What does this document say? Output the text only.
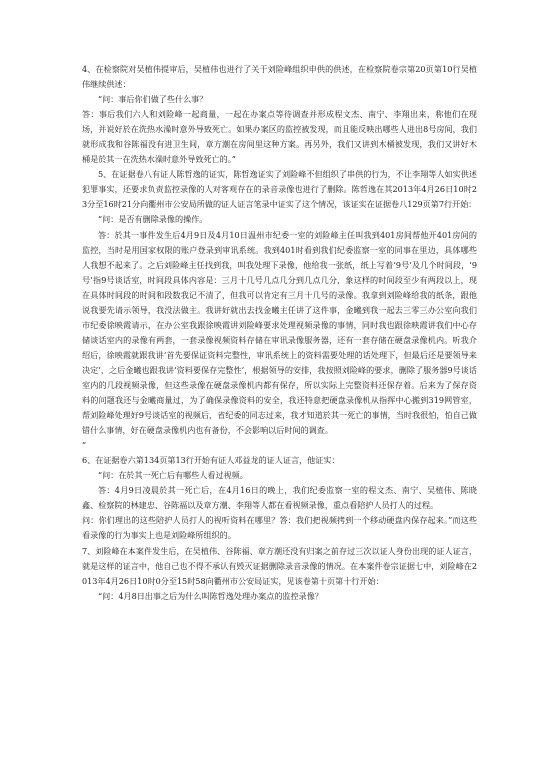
4、在检察院对吴植伟提审后，吴植伟也进行了关于刘险峰组织申供的供述，在检察院卷宗第20页第10行吴植伟继续供述：

“问：事后你们做了些什么事？

答：事后我们六人和刘险峰一起商量，一起在办案点等待调查并形成程文杰、南宁、李翔出来，称他们在现场，并说好於在洗热水澡时意外导致死亡。如果办案区的监控被发现，而且能反映出哪些人进出8号房间，我们就形成我和谷陈福没有进卫生间，章方潮在房间里这种方案。再另外，我们又讲到木桶被发现，我们又讲好木桶是於其一在洗热水澡时意外导致死亡的。”

5、在证据卷八有证人陈哲逸的证实，陈哲逸证实了刘险峰不但组织了串供的行为，不让李翔等人如实供述犯罪事实，还要求负责监控录像的人对客观存在的录音录像也进行了删除。陈哲逸在其2013年4月26日10时23分至16时21分向衢州市公安局所做的证人证言笔录中证实了这个情况，该证实在证据卷八129页第7行开始：

“问：是否有删除录像的操作。

答：於其一事件发生后4月9日及4月10日温州市纪委一室的刘险峰主任叫我到401房间帮他开401房间的监控，当时是用国家权限的账户登录到审讯系统。我到401时看到我们纪委监察一室的同事在里边，具体哪些人我想不起来了。之后刘险峰主任找到我，叫我处理下录像，他给我一张纸，纸上写着‘9号’及几个时间段，‘9号’指9号谈话室，时间段具体内容是：三月十几号几点几分到几点几分，象这样的时间段至少有两段以上，现在具体时间段的时间和段数我记不清了，但我可以肯定有三月十几号的录像。我拿到刘险峰给我的纸条，跟他说我要先请示领导，我没法做主。我讲好就出去找金曦主任讲了这件事，金曦到我一起去三零三办公室向我们市纪委徐映霞请示，在办公室我跟徐映霞讲刘险峰要求处理视频录像的事情，同时我也跟徐映霞讲我们中心存储谈话室内的录像有两套，一套录像视频资料存储在审讯录像服务器，还有一套存储在硬盘录像机内。听我介绍后，徐映霞就跟我讲‘首先要保证资料完整性，审讯系统上的资料需要处理的话处理下，但最后还是要领导来决定’，之后金曦也跟我讲‘资料要保存完整性’，根据领导的安排，我按照刘险峰的要求，删除了服务器9号谈话室内的几段视频录像，但这些录像在硬盘录像机内都有保存，所以实际上完整资料还保存着。后来为了保存资料的问题我还与金曦商量过，为了确保录像资料的安全，我还特意把硬盘录像机从指挥中心搬到319网管室，帮刘险峰处理好9号谈话室的视频后，省纪委的同志过来，我才知道於其一死亡的事情，当时我很怕，怕自己做错什么事情，好在硬盘录像机内也有备份，不会影响以后时间的调查。

”

6、在证据卷六第134页第13行开始有证人邓益龙的证人证言，他证实：

“问：在於其一死亡后有哪些人看过视频。

答：4月9日凌晨於其一死亡后，在4月16日的晚上，我们纪委监察一室的程文杰、南宁、吴植伟、陈晓鑫、检察院的林建忠、谷陈福以及章方潮、李翔等人都在看视频录像，重点看陪护人员打人的过程。

问：你们理出的这些陪护人员打人的视听资料在哪里？答：我们把视频拷到一个移动硬盘内保存起来。”而这些看录像的行为事实上也是刘险峰所组织的。

7、刘险峰在本案件发生后，在吴植伟、谷陈福、章方潮还没有归案之前存过三次以证人身份出现的证人证言，就是这样的证言中，他自己也不得不承认有毁灭证据删除录音录像的情况。在本案件卷宗证据七中，刘险峰在2013年4月26日10时0分至15时58向衢州市公安局证实，见该卷第十页第十行开始：

“问：4月8日出事之后为什么叫陈哲逸处理办案点的监控录像？
